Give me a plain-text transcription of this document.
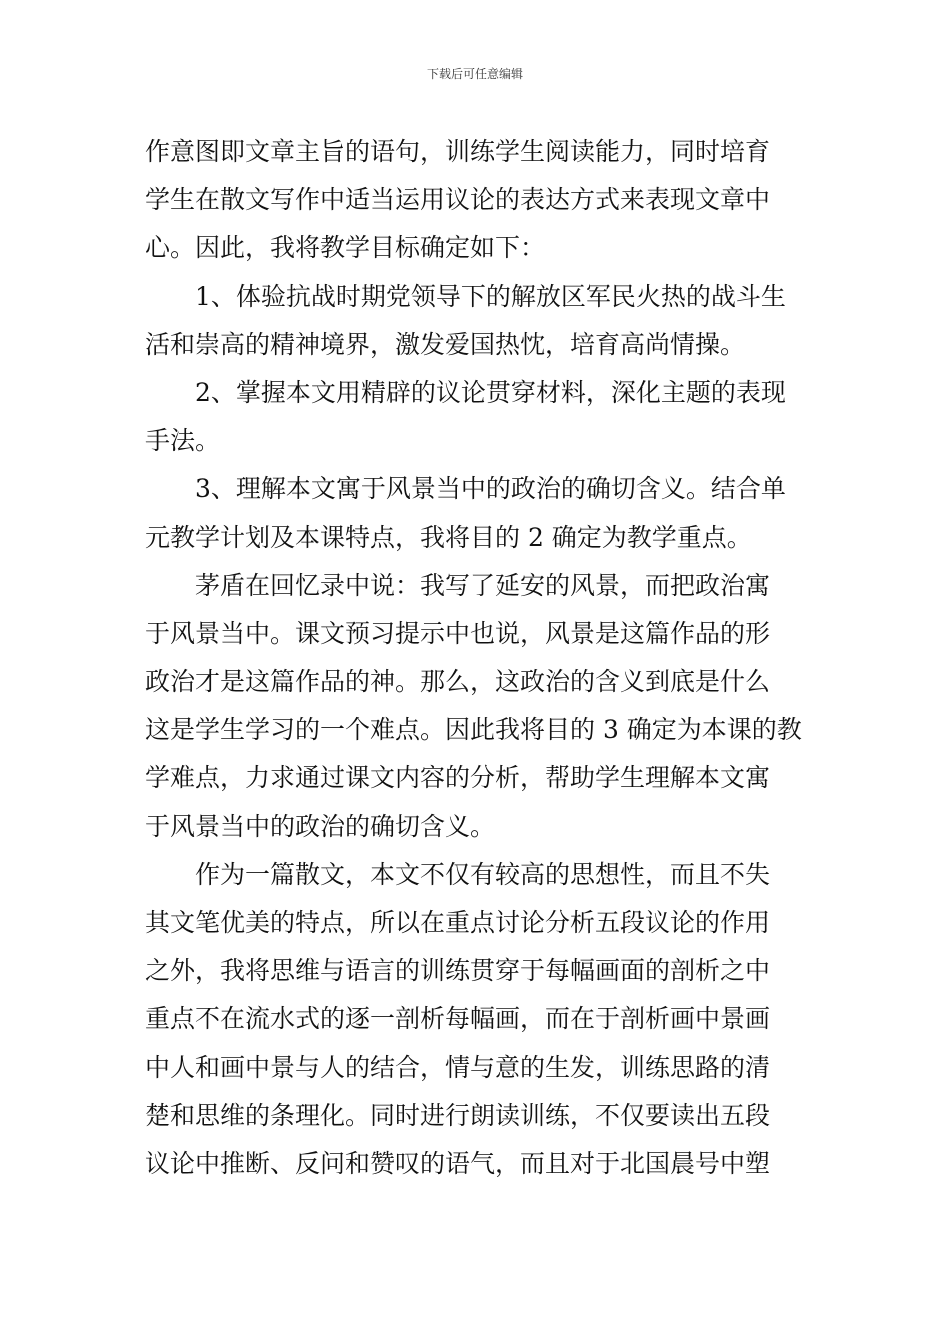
下载后可任意编辑
作意图即文章主旨的语句，训练学生阅读能力，同时培育
学生在散文写作中适当运用议论的表达方式来表现文章中
心。因此，我将教学目标确定如下：
1、体验抗战时期党领导下的解放区军民火热的战斗生
活和崇高的精神境界，激发爱国热忱，培育高尚情操。
2、掌握本文用精辟的议论贯穿材料，深化主题的表现
手法。
3、理解本文寓于风景当中的政治的确切含义。结合单
元教学计划及本课特点，我将目的 2 确定为教学重点。
茅盾在回忆录中说：我写了延安的风景，而把政治寓
于风景当中。课文预习提示中也说，风景是这篇作品的形
政治才是这篇作品的神。那么，这政治的含义到底是什么
这是学生学习的一个难点。因此我将目的 3 确定为本课的教
学难点，力求通过课文内容的分析，帮助学生理解本文寓
于风景当中的政治的确切含义。
作为一篇散文，本文不仅有较高的思想性，而且不失
其文笔优美的特点，所以在重点讨论分析五段议论的作用
之外，我将思维与语言的训练贯穿于每幅画面的剖析之中
重点不在流水式的逐一剖析每幅画，而在于剖析画中景画
中人和画中景与人的结合，情与意的生发，训练思路的清
楚和思维的条理化。同时进行朗读训练，不仅要读出五段
议论中推断、反问和赞叹的语气，而且对于北国晨号中塑
